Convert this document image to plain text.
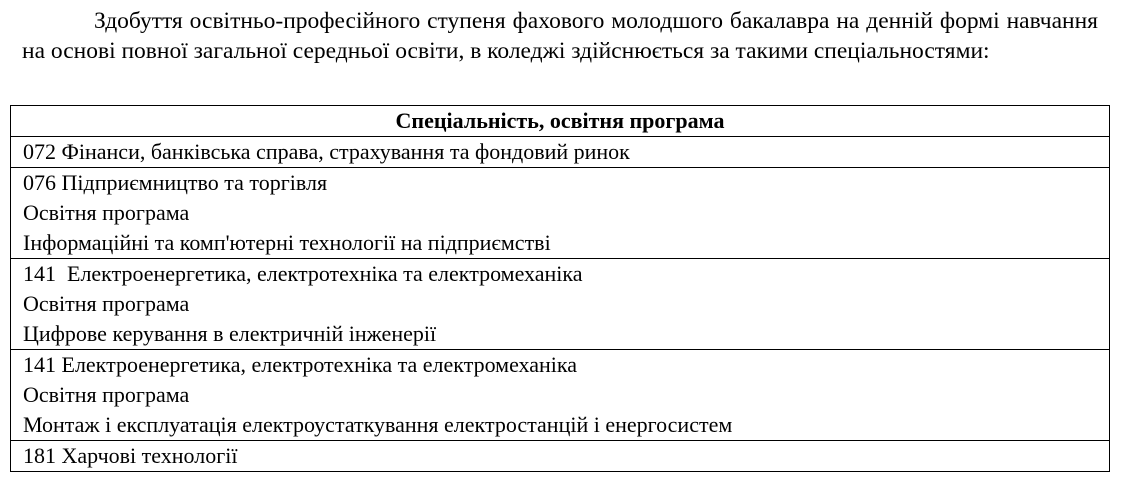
Здобуття освітньо-професійного ступеня фахового молодшого бакалавра на денній формі навчання на основі повної загальної середньої освіти, в коледжі здійснюється за такими спеціальностями:

Спеціальність, освітня програма

072 Фінанси, банківська справа, страхування та фондовий ринок

076 Підприємництво та торгівля
Освітня програма
Інформаційні та комп'ютерні технології на підприємстві

141  Електроенергетика, електротехніка та електромеханіка
Освітня програма
Цифрове керування в електричній інженерії

141 Електроенергетика, електротехніка та електромеханіка
Освітня програма
Монтаж і експлуатація електроустаткування електростанцій і енергосистем

181 Харчові технології
